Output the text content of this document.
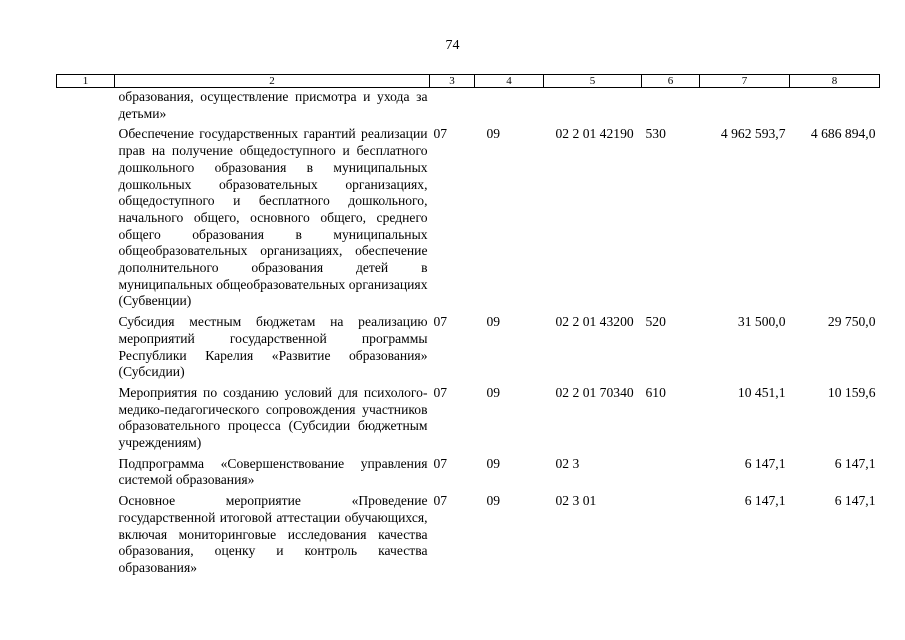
74
1	2	3	4	5	6	7	8
	образования, осуществление присмотра и ухода за детьми»						
	Обеспечение государственных гарантий реализации прав на получение общедоступного и бесплатного дошкольного образования в муниципальных дошкольных образовательных организациях, общедоступного и бесплатного дошкольного, начального общего, основного общего, среднего общего образования в муниципальных общеобразовательных организациях, обеспечение дополнительного образования детей в муниципальных общеобразовательных организациях (Субвенции)	07	09	02 2 01 42190	530	4 962 593,7	4 686 894,0
	Субсидия местным бюджетам на реализацию мероприятий государственной программы Республики Карелия «Развитие образования» (Субсидии)	07	09	02 2 01 43200	520	31 500,0	29 750,0
	Мероприятия по созданию условий для психолого-медико-педагогического сопровождения участников образовательного процесса (Субсидии бюджетным учреждениям)	07	09	02 2 01 70340	610	10 451,1	10 159,6
	Подпрограмма «Совершенствование управления системой образования»	07	09	02 3		6 147,1	6 147,1
	Основное мероприятие «Проведение государственной итоговой аттестации обучающихся, включая мониторинговые исследования качества образования, оценку и контроль качества образования»	07	09	02 3 01		6 147,1	6 147,1
